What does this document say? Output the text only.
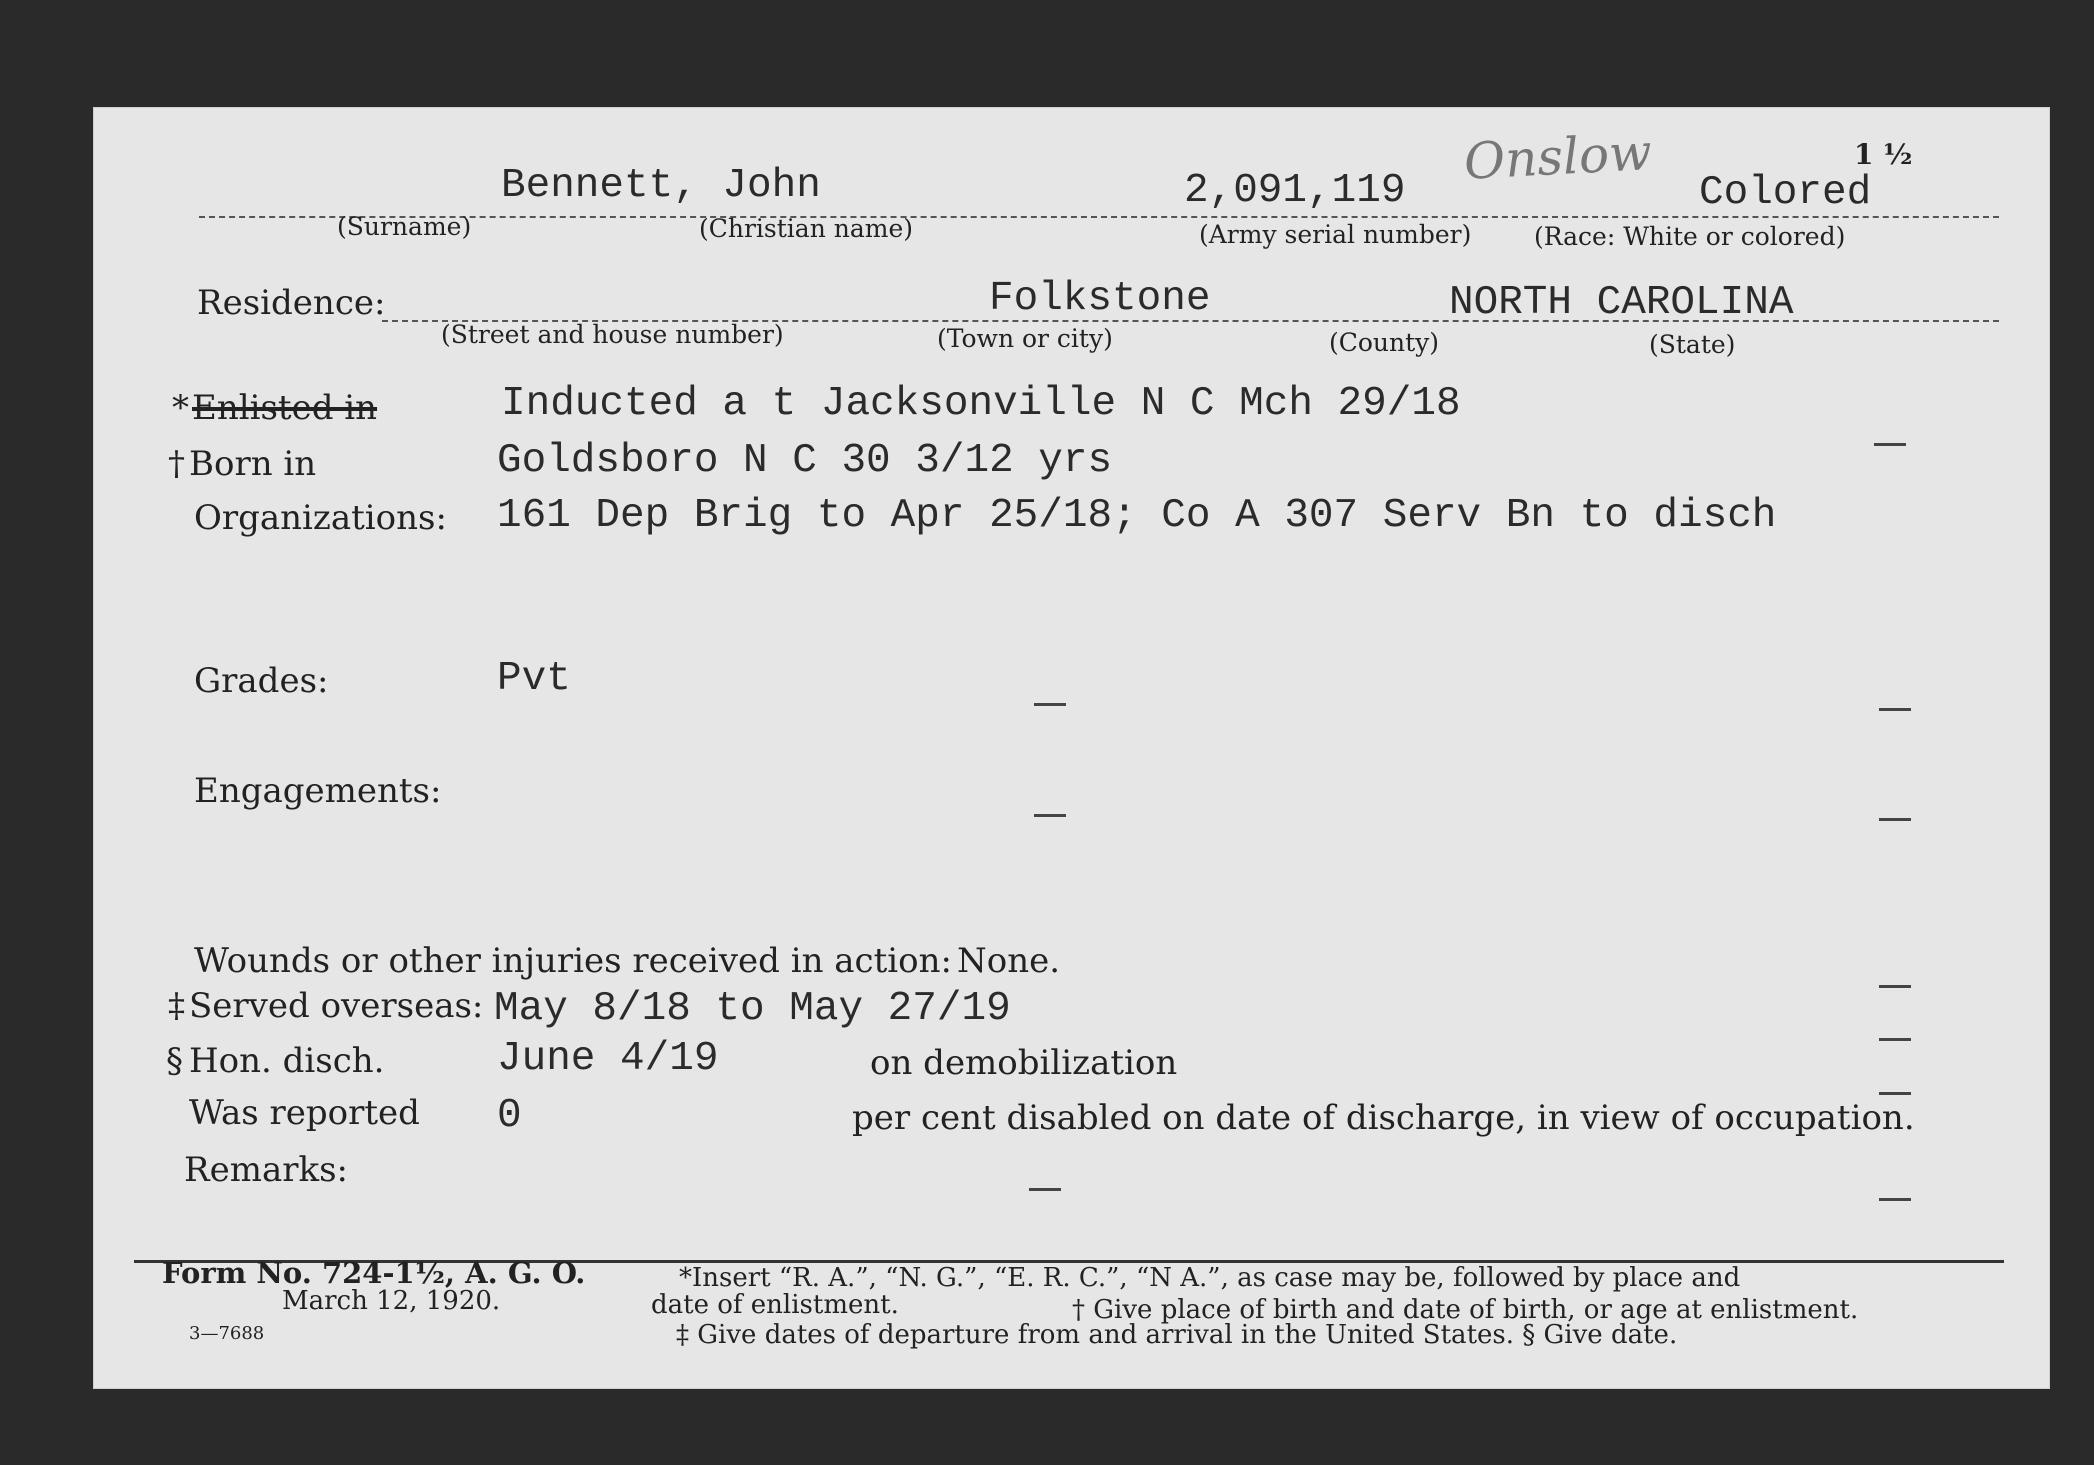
Onslow	1 ½
Bennett, John	2,091,119	Colored
(Surname)	(Christian name)	(Army serial number)	(Race: White or colored)
Residence:	Folkstone	NORTH CAROLINA
(Street and house number)	(Town or city)	(County)	(State)
* Enlisted in	Inducted a t Jacksonville N C Mch 29/18
† Born in	Goldsboro N C 30 3/12 yrs
Organizations: 161 Dep Brig to Apr 25/18; Co A 307 Serv Bn to disch
Grades:	Pvt
Engagements:
Wounds or other injuries received in action: None.
‡ Served overseas: May 8/18 to May 27/19
§ Hon. disch.	June 4/19	on demobilization
Was reported 0	per cent disabled on date of discharge, in view of occupation.
Remarks:
Form No. 724-1½, A. G. O.
March 12, 1920.
3—7688
*Insert “R. A.”, “N. G.”, “E. R. C.”, “N A.”, as case may be, followed by place and
date of enlistment.	† Give place of birth and date of birth, or age at enlistment.
‡ Give dates of departure from and arrival in the United States. § Give date.
